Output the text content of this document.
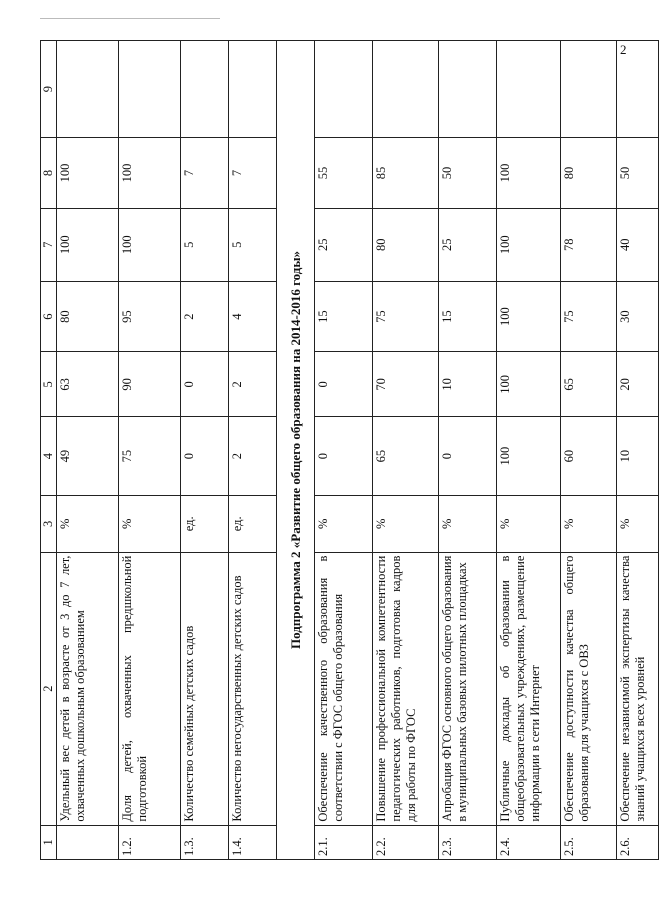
2
1	2	3	4	5	6	7	8	9
	Удельный вес детей в возрасте от 3 до 7 лет, охваченных дошкольным образованием	%	49	63	80	100	100	
1.2.	Доля детей, охваченных предшкольной подготовкой	%	75	90	95	100	100	
1.3.	Количество семейных детских садов	ед.	0	0	2	5	7	
1.4.	Количество негосударственных детских садов	ед.	2	2	4	5	7	
Подпрограмма 2 «Развитие общего образования на 2014-2016 годы»								
2.1.	Обеспечение качественного образования в соответствии с ФГОС общего образования	%	0	0	15	25	55	
2.2.	Повышение профессиональной компетентности педагогических работников, подготовка кадров для работы по ФГОС	%	65	70	75	80	85	
2.3.	Апробация ФГОС основного общего образования в муниципальных базовых пилотных площадках	%	0	10	15	25	50	
2.4.	Публичные доклады об образовании в общеобразовательных учреждениях, размещение информации в сети Интернет	%	100	100	100	100	100	
2.5.	Обеспечение доступности качества общего образования для учащихся с ОВЗ	%	60	65	75	78	80	
2.6.	Обеспечение независимой экспертизы качества знаний учащихся всех уровней	%	10	20	30	40	50	
